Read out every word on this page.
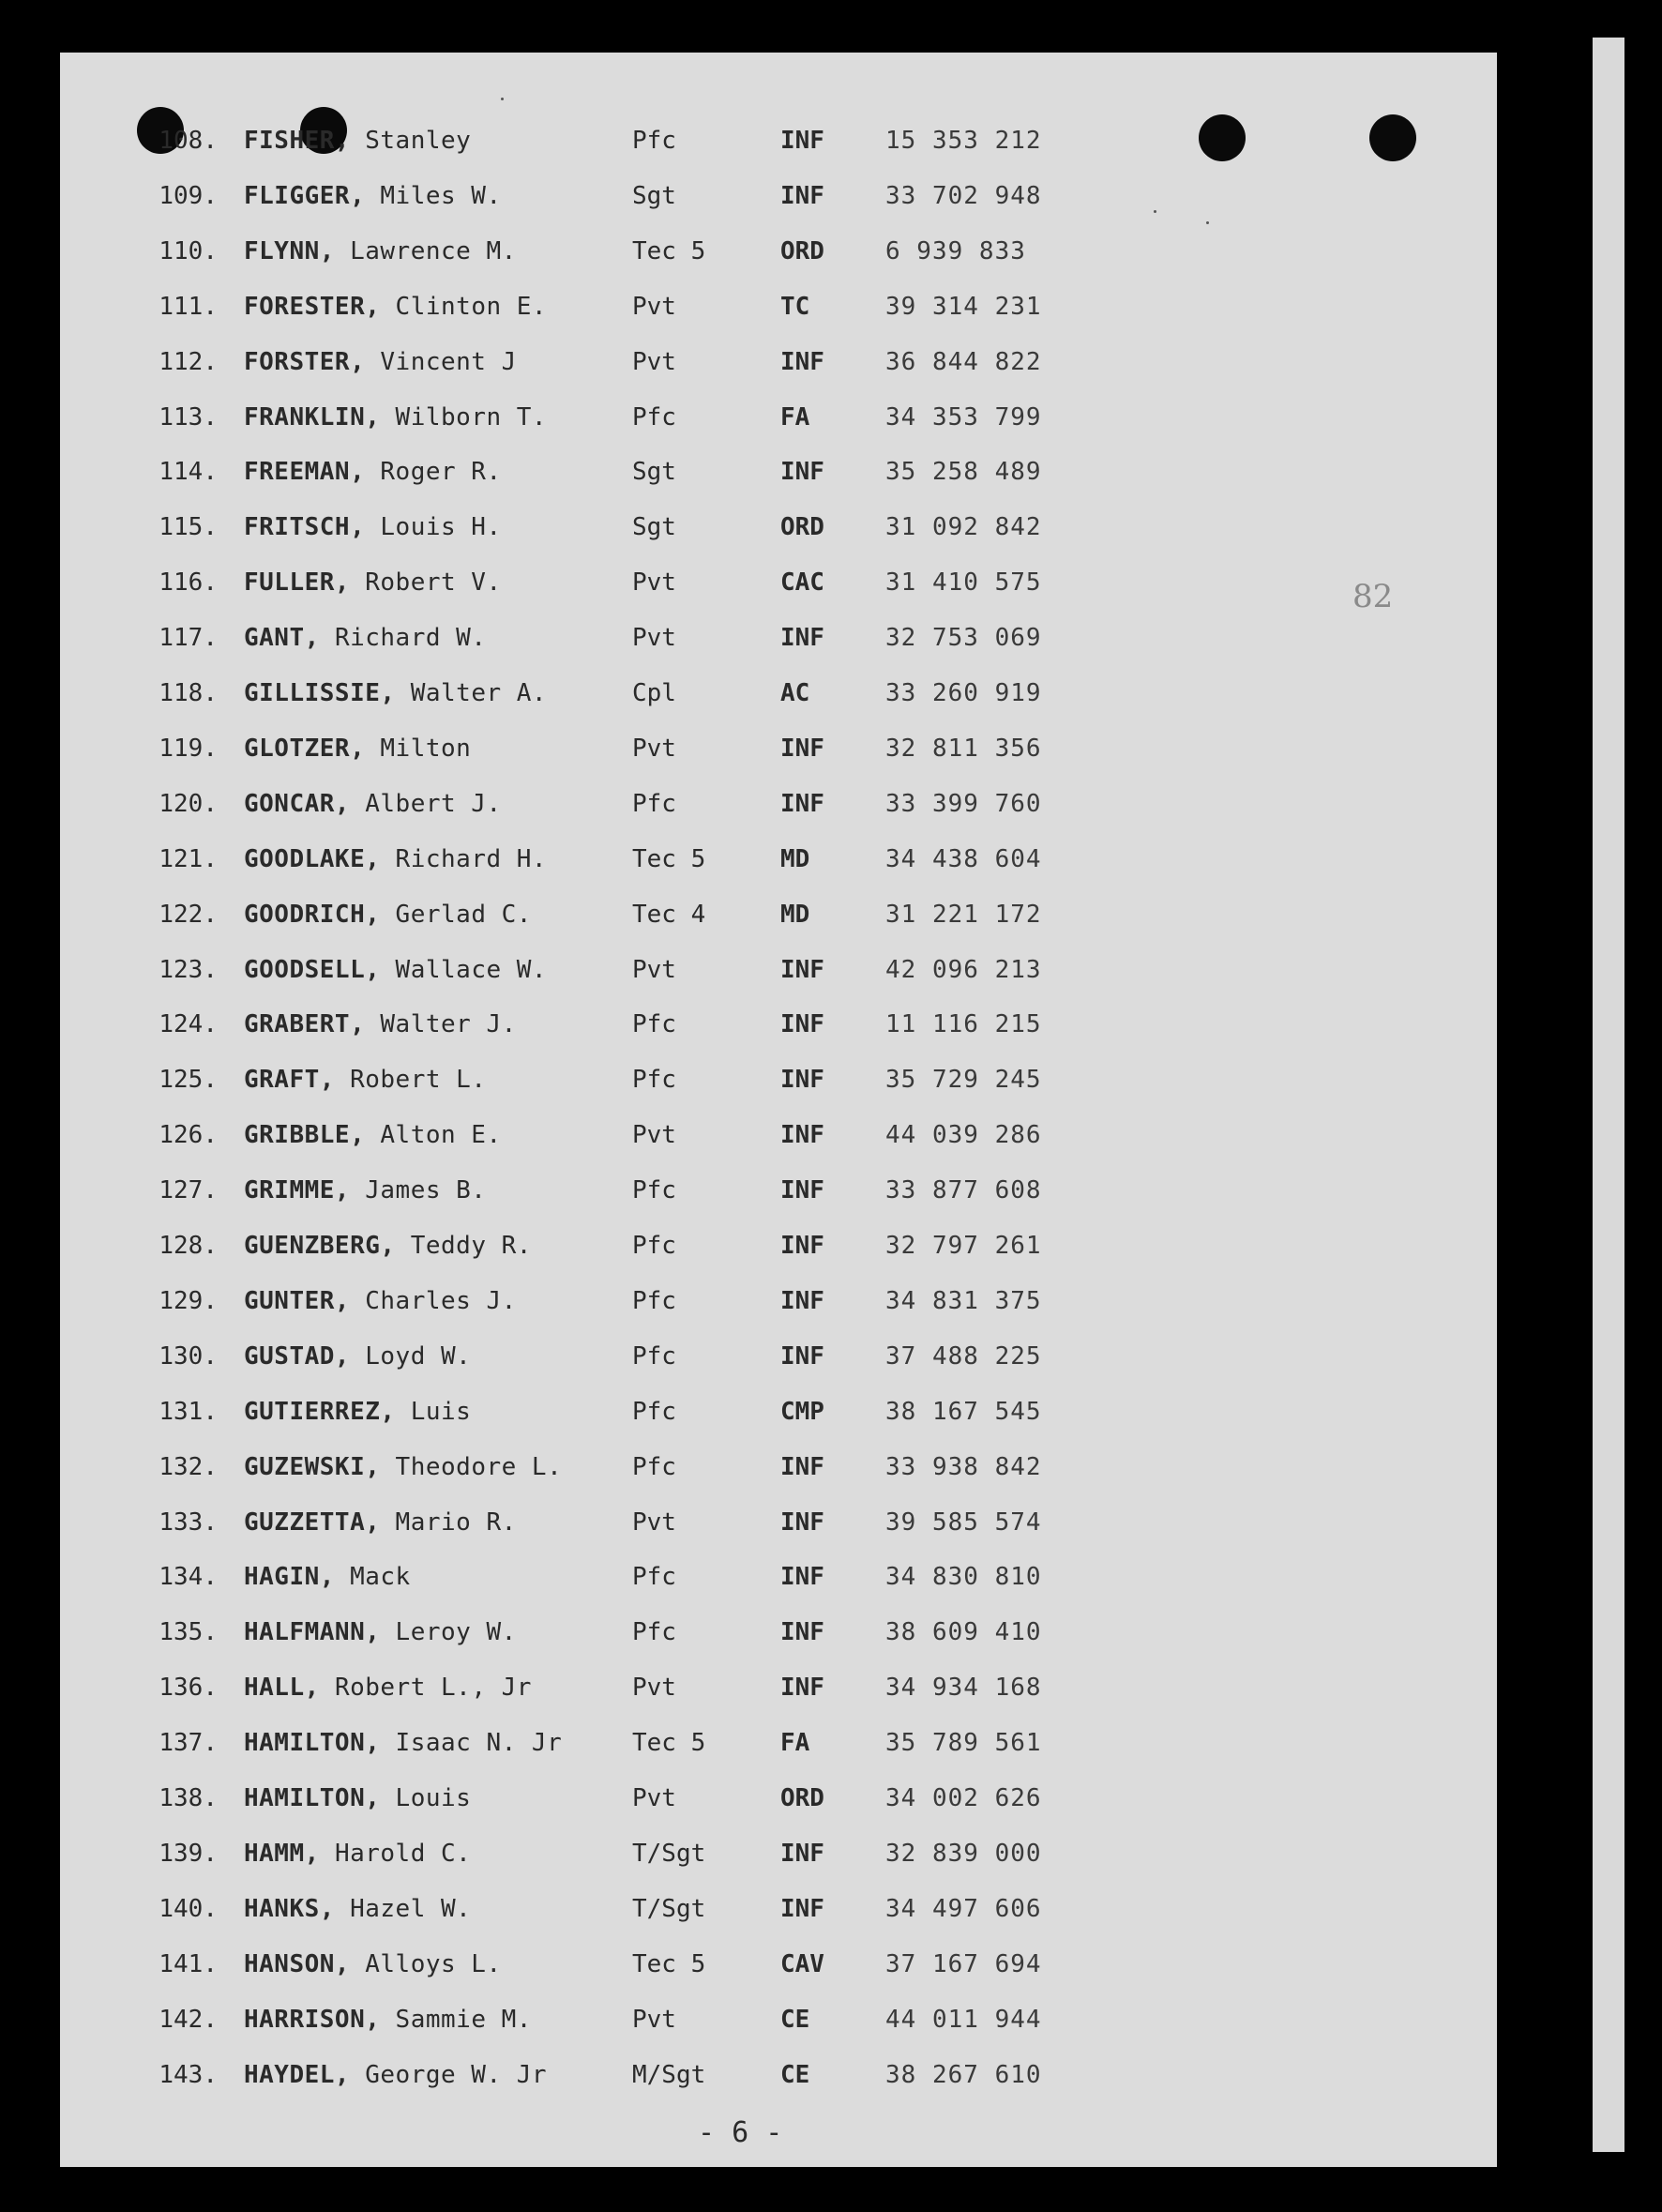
108. FISHER, Stanley	Pfc	INF	15 353 212
109. FLIGGER, Miles W.	Sgt	INF	33 702 948
110. FLYNN, Lawrence M.	Tec 5	ORD	6 939 833
111. FORESTER, Clinton E.	Pvt	TC	39 314 231
112. FORSTER, Vincent J	Pvt	INF	36 844 822
113. FRANKLIN, Wilborn T.	Pfc	FA	34 353 799
114. FREEMAN, Roger R.	Sgt	INF	35 258 489
115. FRITSCH, Louis H.	Sgt	ORD	31 092 842
116. FULLER, Robert V.	Pvt	CAC	31 410 575
117. GANT, Richard W.	Pvt	INF	32 753 069
118. GILLISSIE, Walter A.	Cpl	AC	33 260 919
119. GLOTZER, Milton	Pvt	INF	32 811 356
120. GONCAR, Albert J.	Pfc	INF	33 399 760
121. GOODLAKE, Richard H.	Tec 5	MD	34 438 604
122. GOODRICH, Gerlad C.	Tec 4	MD	31 221 172
123. GOODSELL, Wallace W.	Pvt	INF	42 096 213
124. GRABERT, Walter J.	Pfc	INF	11 116 215
125. GRAFT, Robert L.	Pfc	INF	35 729 245
126. GRIBBLE, Alton E.	Pvt	INF	44 039 286
127. GRIMME, James B.	Pfc	INF	33 877 608
128. GUENZBERG, Teddy R.	Pfc	INF	32 797 261
129. GUNTER, Charles J.	Pfc	INF	34 831 375
130. GUSTAD, Loyd W.	Pfc	INF	37 488 225
131. GUTIERREZ, Luis	Pfc	CMP	38 167 545
132. GUZEWSKI, Theodore L.	Pfc	INF	33 938 842
133. GUZZETTA, Mario R.	Pvt	INF	39 585 574
134. HAGIN, Mack	Pfc	INF	34 830 810
135. HALFMANN, Leroy W.	Pfc	INF	38 609 410
136. HALL, Robert L., Jr	Pvt	INF	34 934 168
137. HAMILTON, Isaac N. Jr	Tec 5	FA	35 789 561
138. HAMILTON, Louis	Pvt	ORD	34 002 626
139. HAMM, Harold C.	T/Sgt	INF	32 839 000
140. HANKS, Hazel W.	T/Sgt	INF	34 497 606
141. HANSON, Alloys L.	Tec 5	CAV	37 167 694
142. HARRISON, Sammie M.	Pvt	CE	44 011 944
143. HAYDEL, George W. Jr	M/Sgt	CE	38 267 610
82
- 6 -
